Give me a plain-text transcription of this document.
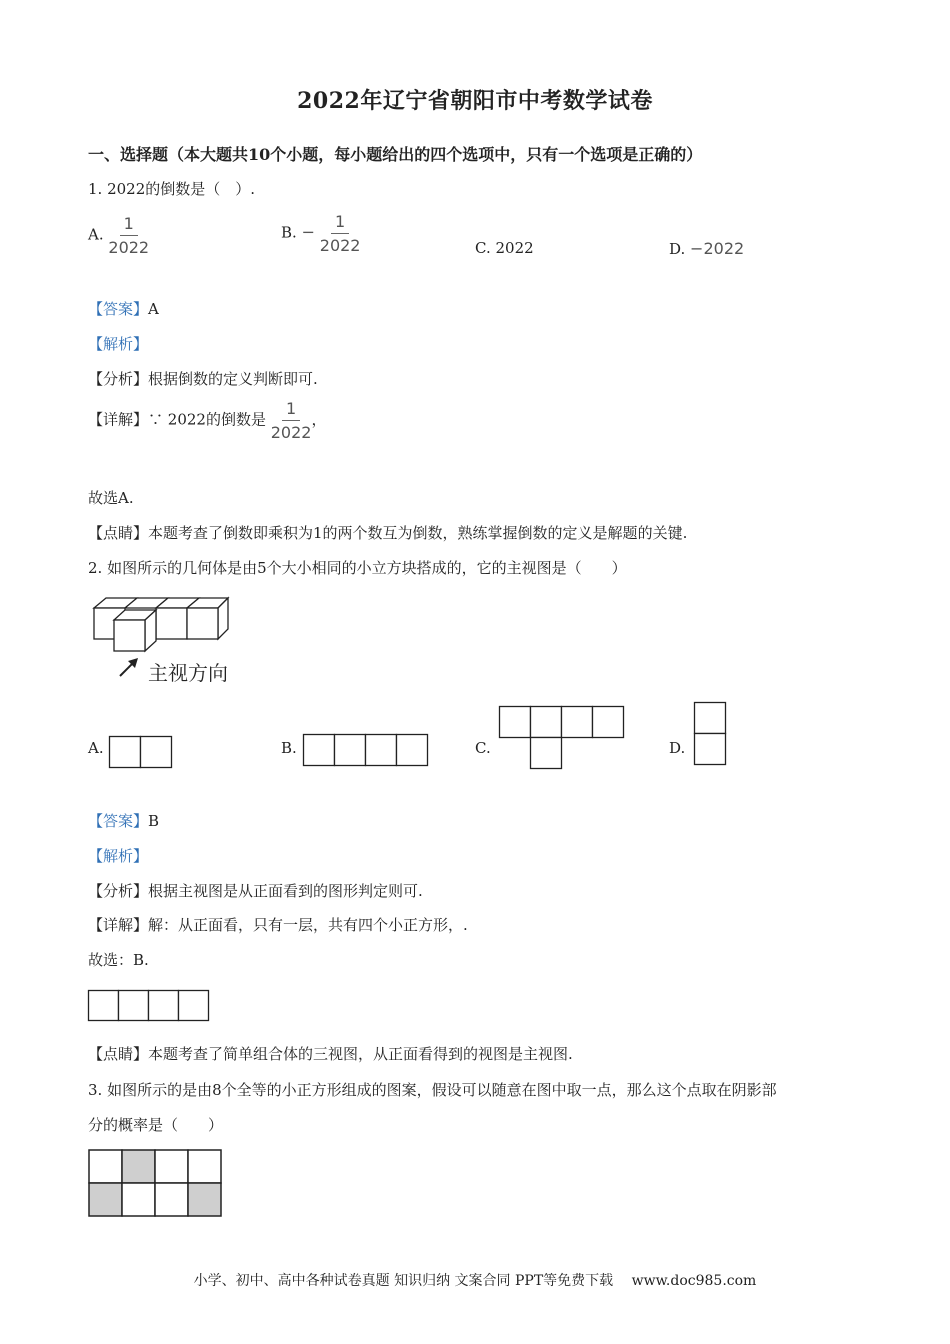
2022年辽宁省朝阳市中考数学试卷
一、选择题（本大题共10个小题，每小题给出的四个选项中，只有一个选项是正确的）
1. 2022的倒数是（　）.
A. $\frac{1}{2022}$	B. − $\frac{1}{2022}$	C. 2022	D. −2022
【答案】A
【解析】
【分析】根据倒数的定义判断即可.
【详解】∵ 2022的倒数是 $\frac{1}{2022}$ ，
故选A.
【点睛】本题考查了倒数即乘积为1的两个数互为倒数，熟练掌握倒数的定义是解题的关键.
2. 如图所示的几何体是由5个大小相同的小立方块搭成的，它的主视图是（　　）
主视方向
A.	B.	C.	D.
【答案】B
【解析】
【分析】根据主视图是从正面看到的图形判定则可.
【详解】解：从正面看，只有一层，共有四个小正方形，.
故选：B.
【点睛】本题考查了简单组合体的三视图，从正面看得到的视图是主视图.
3. 如图所示的是由8个全等的小正方形组成的图案，假设可以随意在图中取一点，那么这个点取在阴影部
分的概率是（　　）
小学、初中、高中各种试卷真题 知识归纳 文案合同 PPT等免费下载　 www.doc985.com
